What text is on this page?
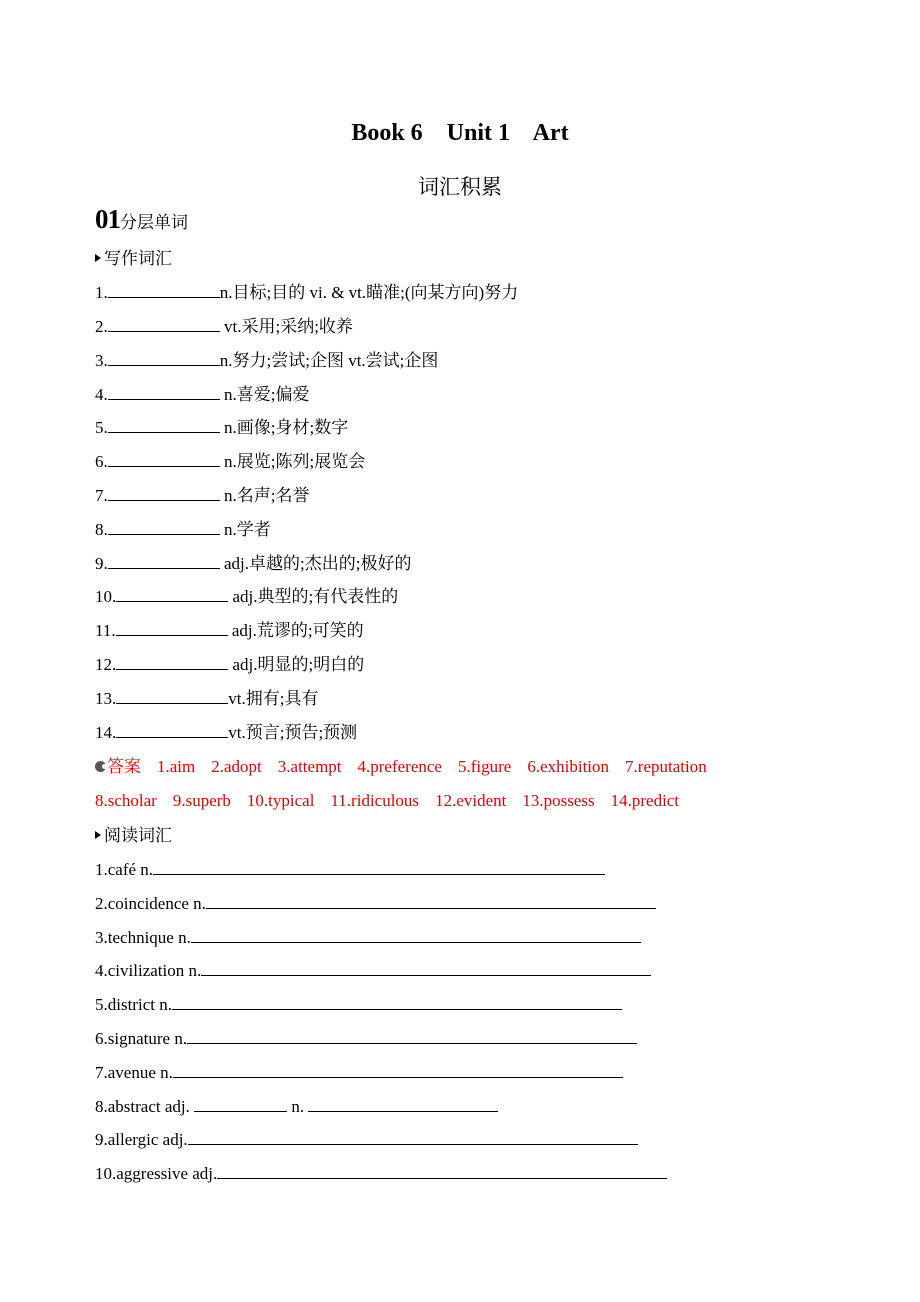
Book 6    Unit 1    Art
词汇积累
01分层单词
写作词汇
1.	n.目标;目的 vi. & vt.瞄准;(向某方向)努力
2.	vt.采用;采纳;收养
3.	n.努力;尝试;企图 vt.尝试;企图
4.	n.喜爱;偏爱
5.	n.画像;身材;数字
6.	n.展览;陈列;展览会
7.	n.名声;名誉
8.	n.学者
9.	adj.卓越的;杰出的;极好的
10.	adj.典型的;有代表性的
11.	adj.荒谬的;可笑的
12.	adj.明显的;明白的
13.	vt.拥有;具有
14.	vt.预言;预告;预测
答案 1.aim 2.adopt 3.attempt 4.preference 5.figure 6.exhibition 7.reputation
8.scholar 9.superb 10.typical 11.ridiculous 12.evident 13.possess 14.predict
阅读词汇
1.café n.
2.coincidence n.
3.technique n.
4.civilization n.
5.district n.
6.signature n.
7.avenue n.
8.abstract adj.	n.
9.allergic adj.
10.aggressive adj.
